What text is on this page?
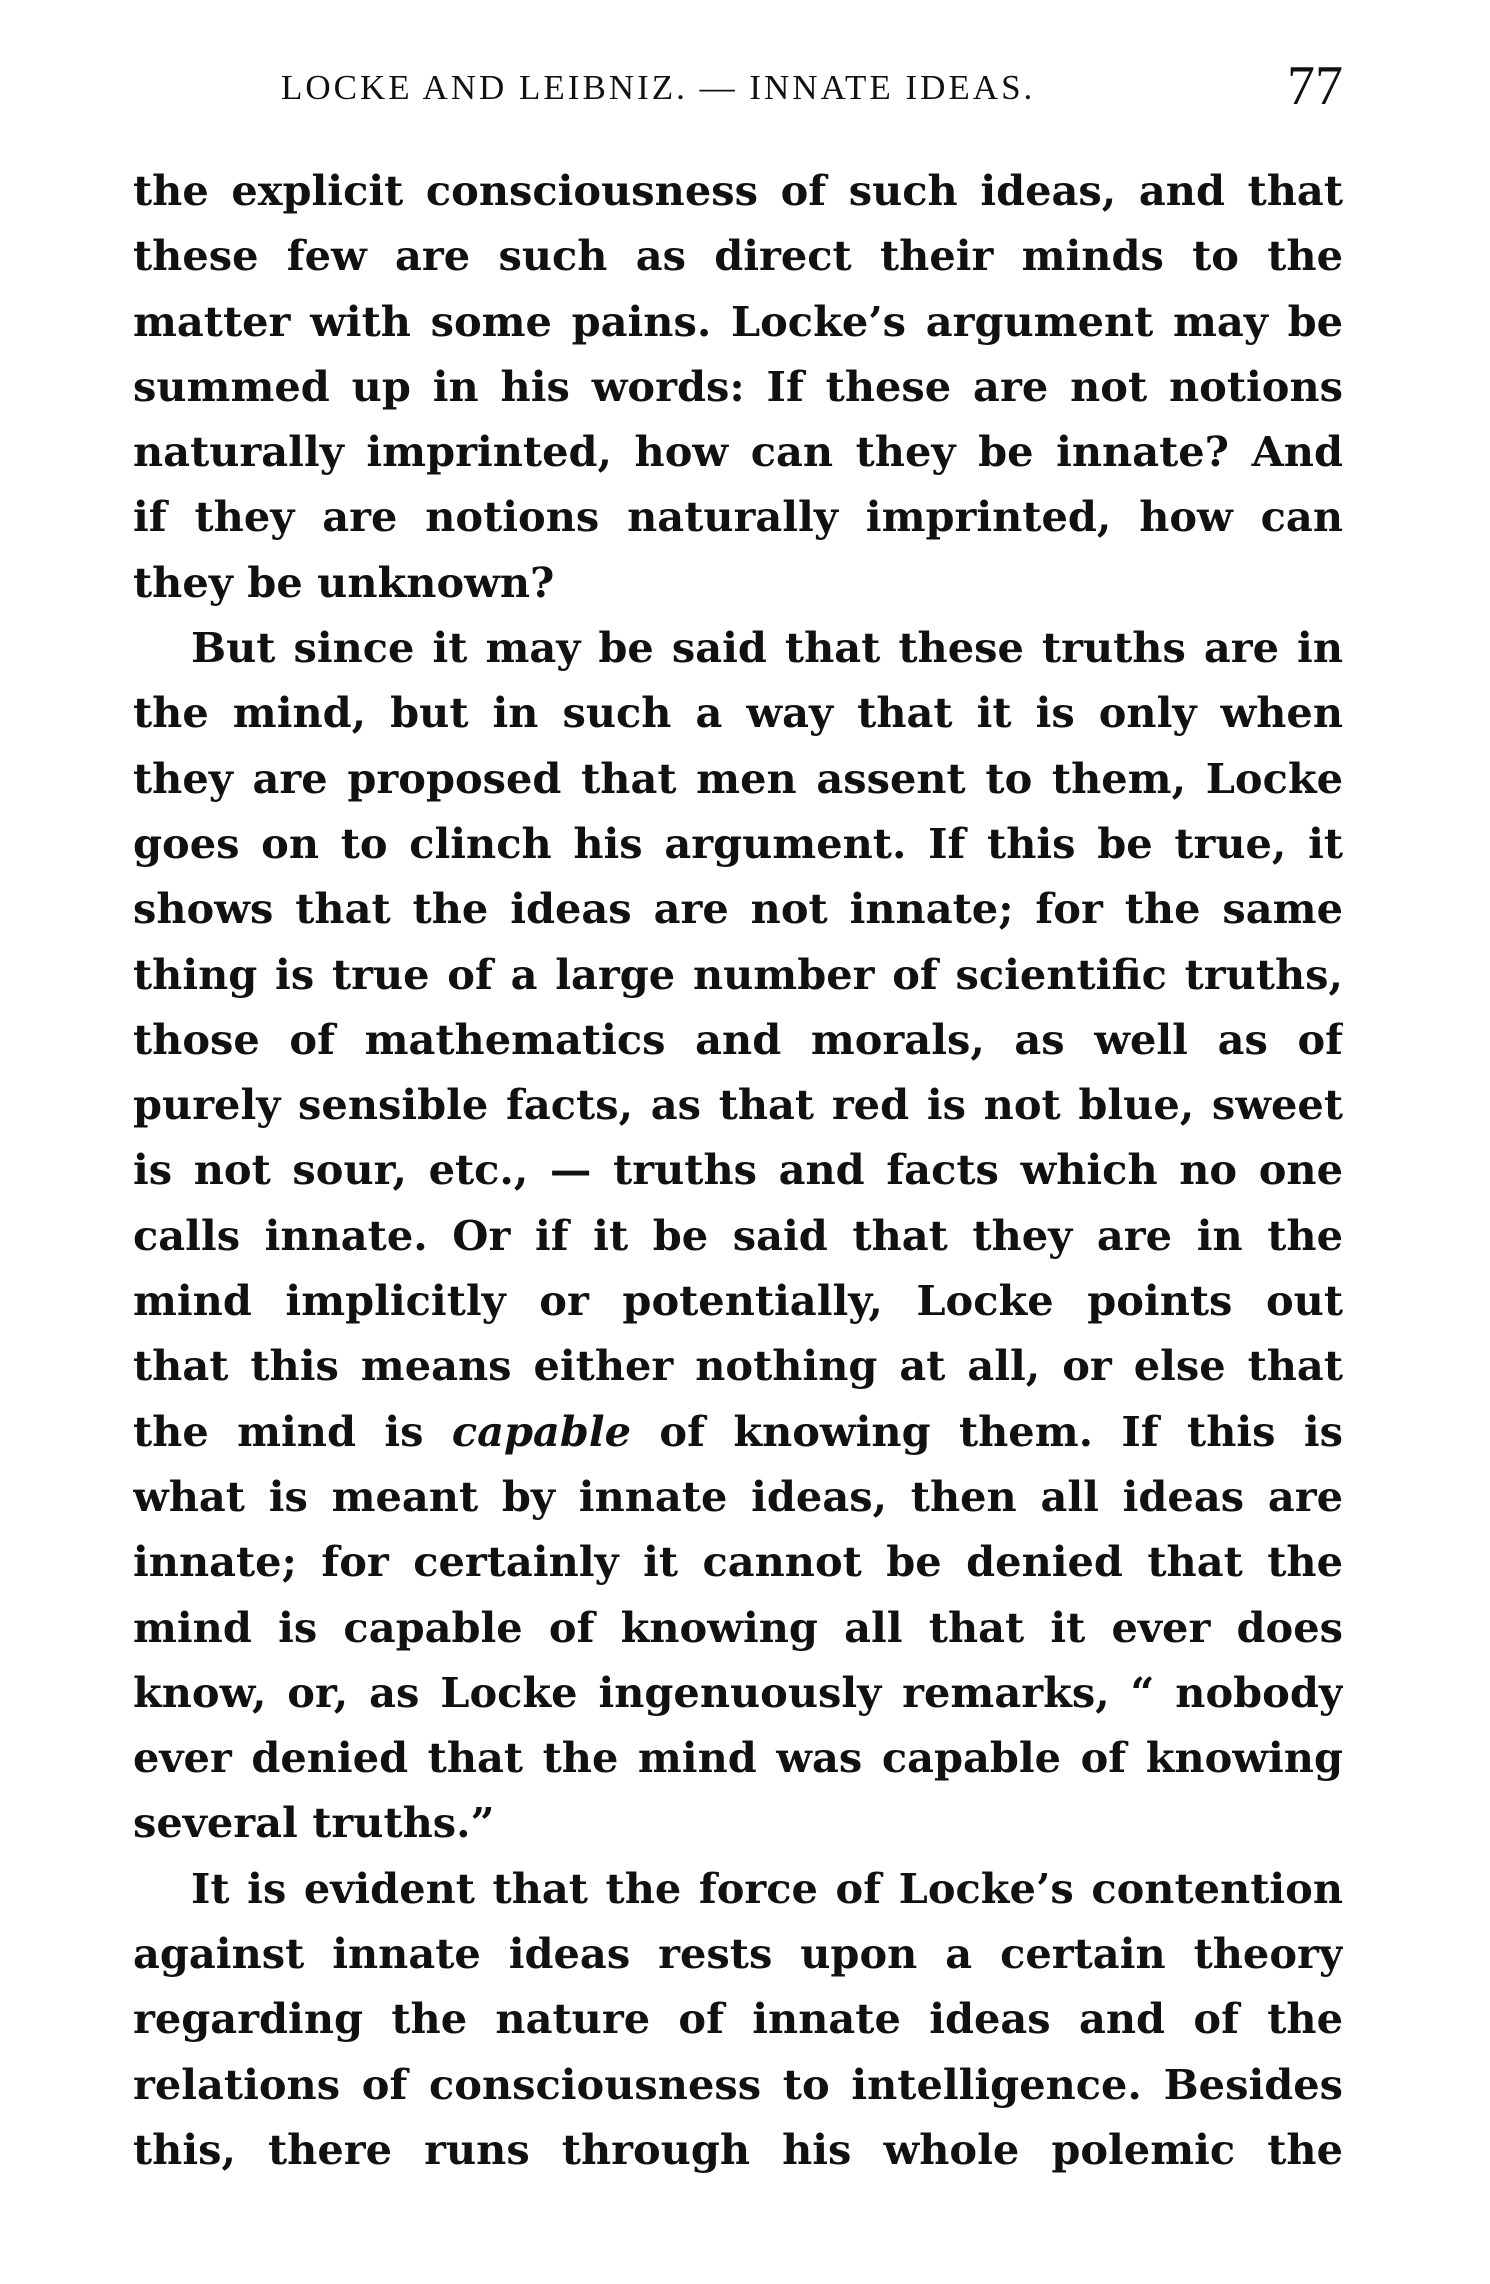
LOCKE AND LEIBNIZ. — INNATE IDEAS.	77
the explicit consciousness of such ideas, and that
these few are such as direct their minds to the
matter with some pains. Locke’s argument may be
summed up in his words: If these are not notions
naturally imprinted, how can they be innate? And
if they are notions naturally imprinted, how can
they be unknown?
But since it may be said that these truths are in
the mind, but in such a way that it is only when
they are proposed that men assent to them, Locke
goes on to clinch his argument. If this be true, it
shows that the ideas are not innate; for the same
thing is true of a large number of scientific truths,
those of mathematics and morals, as well as of
purely sensible facts, as that red is not blue, sweet
is not sour, etc., — truths and facts which no one
calls innate. Or if it be said that they are in the
mind implicitly or potentially, Locke points out
that this means either nothing at all, or else that
the mind is capable of knowing them. If this is
what is meant by innate ideas, then all ideas are
innate; for certainly it cannot be denied that the
mind is capable of knowing all that it ever does
know, or, as Locke ingenuously remarks, “ nobody
ever denied that the mind was capable of knowing
several truths.”
It is evident that the force of Locke’s contention
against innate ideas rests upon a certain theory
regarding the nature of innate ideas and of the
relations of consciousness to intelligence. Besides
this, there runs through his whole polemic the
